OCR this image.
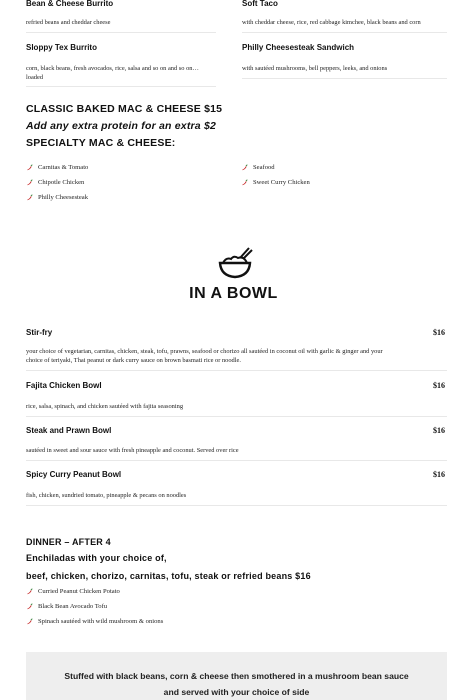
Bean & Cheese Burrito
refried beans and cheddar cheese
Soft Taco
with cheddar cheese, rice, red cabbage kimchee, black beans and corn
Sloppy Tex Burrito
corn, black beans, fresh avocados, rice, salsa and so on and so on…
loaded
Philly Cheesesteak Sandwich
with sautéed mushrooms, bell peppers, leeks, and onions
CLASSIC BAKED MAC & CHEESE $15
Add any extra protein for an extra $2
SPECIALTY MAC & CHEESE:
Carnitas & Tomato
Chipotle Chicken
Philly Cheesesteak
Seafood
Sweet Curry Chicken
IN A BOWL
Stir-fry	$16
your choice of vegetarian, carnitas, chicken, steak, tofu, prawns, seafood or chorizo all sautéed in coconut oil with garlic & ginger and your
choice of teriyaki, Thai peanut or dark curry sauce on brown basmati rice or noodle.
Fajita Chicken Bowl	$16
rice, salsa, spinach, and chicken sautéed with fajita seasoning
Steak and Prawn Bowl	$16
sautéed in sweet and sour sauce with fresh pineapple and coconut. Served over rice
Spicy Curry Peanut Bowl	$16
fish, chicken, sundried tomato, pineapple & pecans on noodles
DINNER – AFTER 4
Enchiladas with your choice of,
beef, chicken, chorizo, carnitas, tofu, steak or refried beans $16
Curried Peanut Chicken Potato
Black Bean Avocado Tofu
Spinach sautéed with wild mushroom & onions
Stuffed with black beans, corn & cheese then smothered in a mushroom bean sauce
and served with your choice of side
